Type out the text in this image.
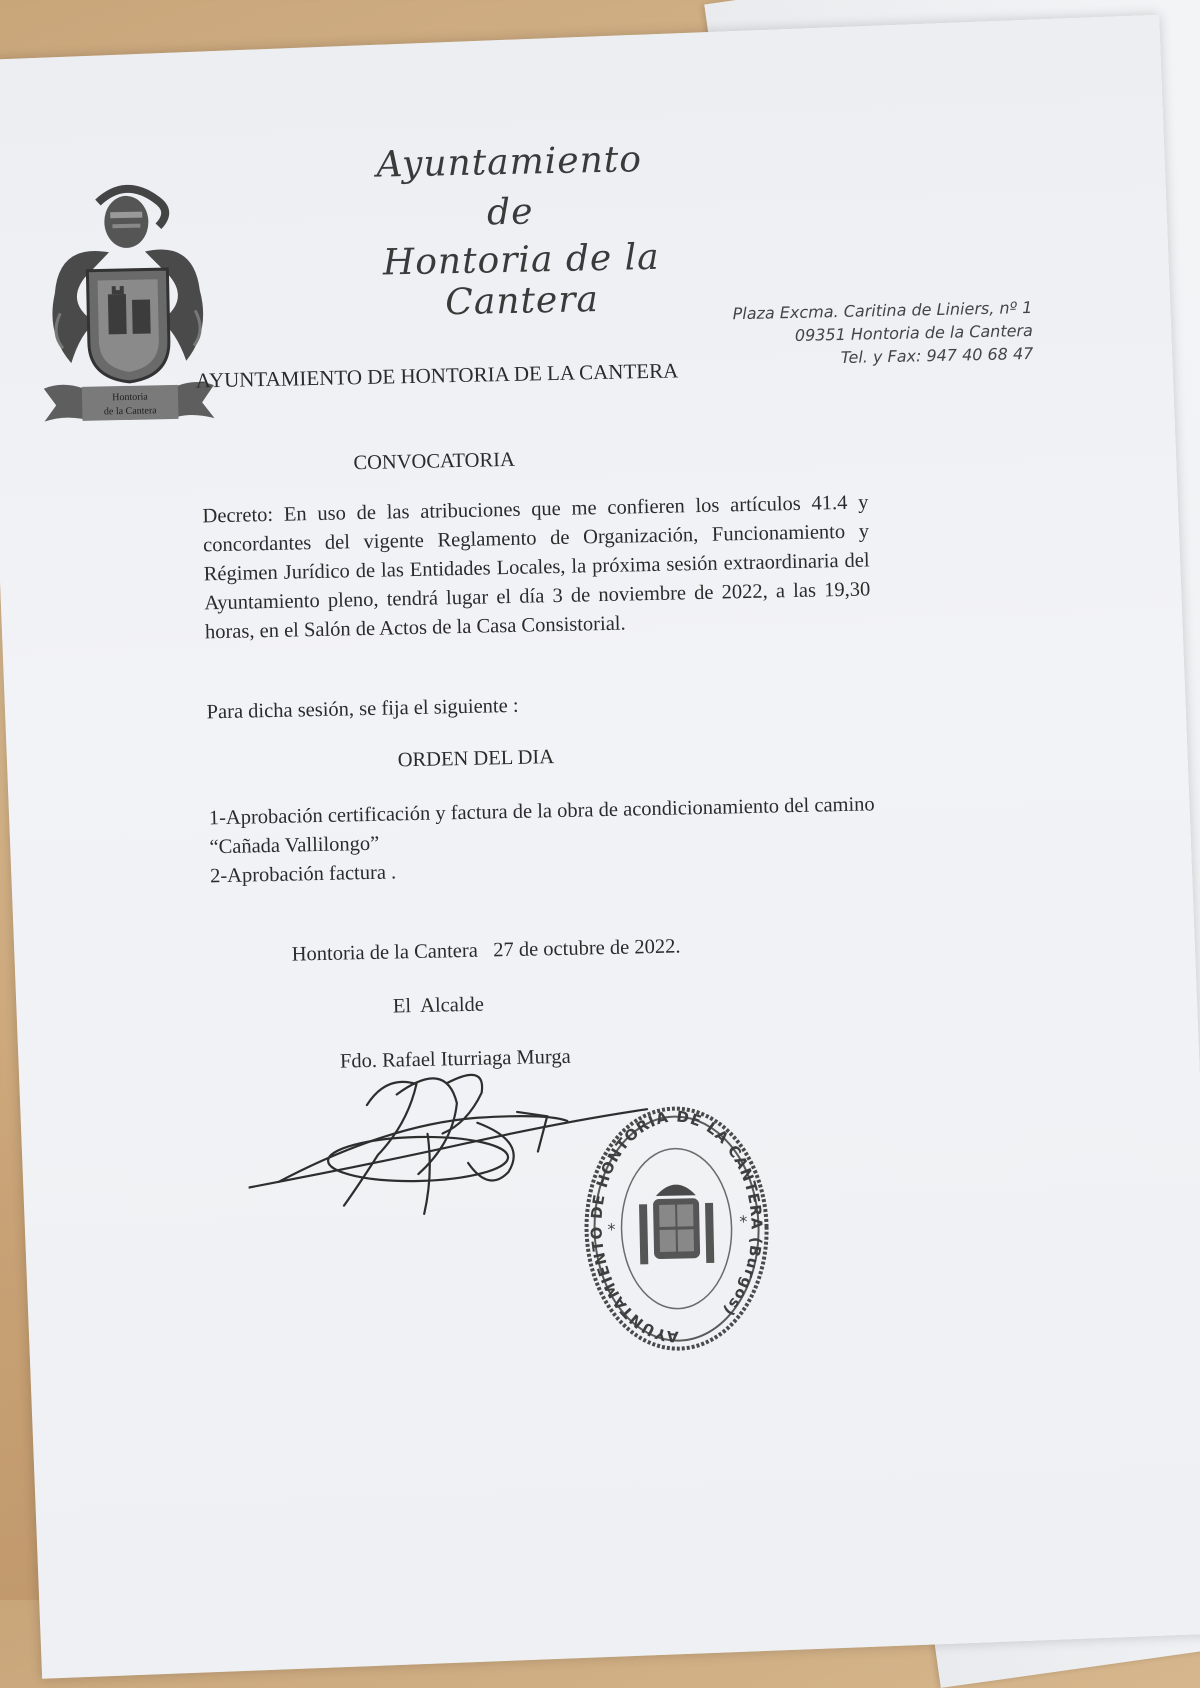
Hontoria
de la Cantera
Ayuntamiento
de
Hontoria de la Cantera	Plaza Excma. Caritina de Liniers, nº 1
09351 Hontoria de la Cantera
Tel. y Fax: 947 40 68 47
AYUNTAMIENTO DE HONTORIA DE LA CANTERA
CONVOCATORIA
Decreto: En uso de las atribuciones que me confieren los artículos 41.4 y concordantes del vigente Reglamento de Organización, Funcionamiento y Régimen Jurídico de las Entidades Locales, la próxima sesión extraordinaria del Ayuntamiento pleno, tendrá lugar el día 3 de noviembre de 2022, a las 19,30 horas, en el Salón de Actos de la Casa Consistorial.
Para dicha sesión, se fija el siguiente :
ORDEN DEL DIA
1-Aprobación certificación y factura de la obra de acondicionamiento del camino “Cañada Vallilongo”
2-Aprobación factura .
Hontoria de la Cantera   27 de octubre de 2022.
El  Alcalde
Fdo. Rafael Iturriaga Murga
AYUNTAMIENTO DE HONTORIA DE LA CANTERA (Burgos)
*	*
